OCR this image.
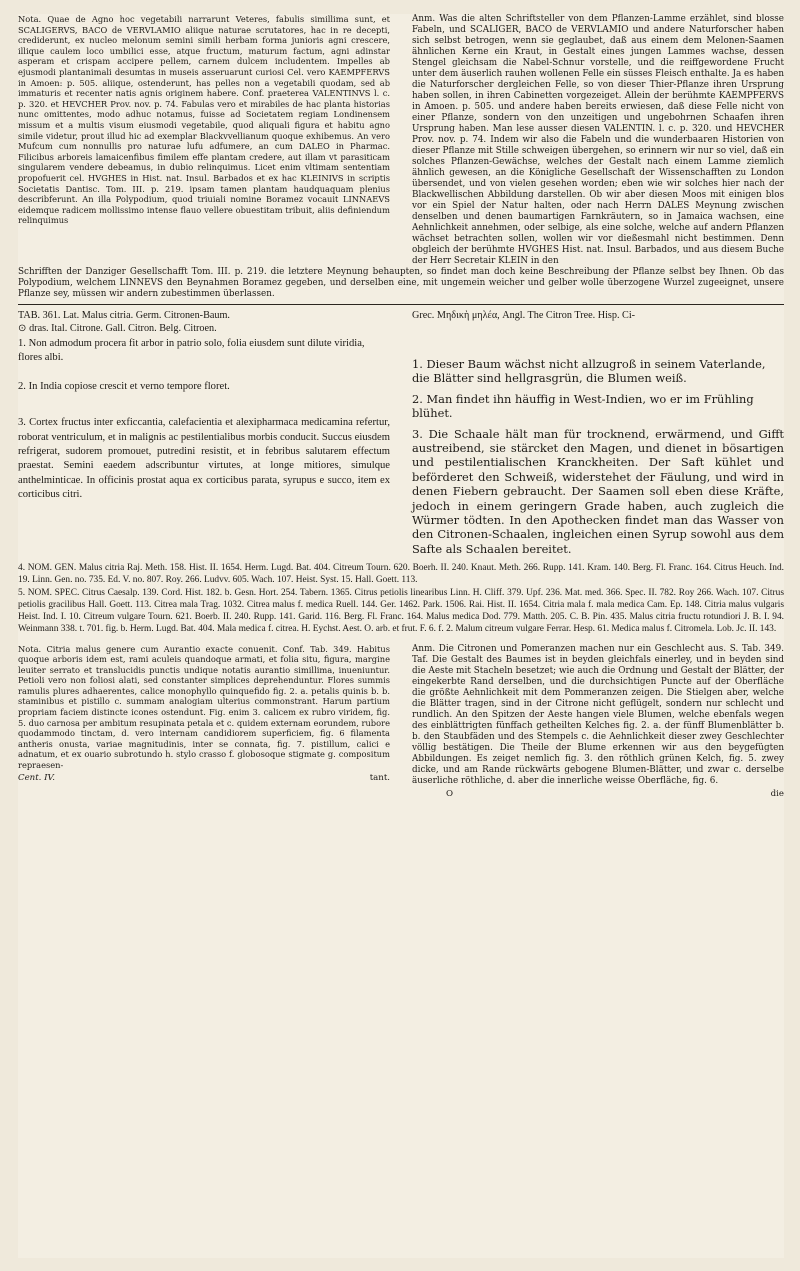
Nota. Quae de Agno hoc vegetabili narrarunt Veteres, fabulis simillima sunt, et SCALIGERVS, BACO de VERVLAMIO aliique naturae scrutatores, hac in re decepti, crediderunt, ex nucleo melonum semini simili herbam forma junioris agni crescere, illique caulem loco umbilici esse, atque fructum, maturum factum, agni adinstar asperam et crispam accipere pellem, carnem dulcem includentem. Impelles ab ejusmodi plantanimali desumtas in museis asseruarunt curiosi Cel. vero KAEMPFERVS in Amoen: p. 505. aliique, ostenderunt, has pelles non a vegetabili quodam, sed ab immaturis et recenter natis agnis originem habere. Conf. praeterea VALENTINVS l. c. p. 320. et HEVCHER Prov. nov. p. 74. Fabulas vero et mirabiles de hac planta historias nunc omittentes, modo adhuc notamus, fuisse ad Societatem regiam Londinensem missum et a multis visum eiusmodi vegetabile, quod aliquali figura et habitu agno simile videtur, prout illud hic ad exemplar Blackvvellianum quoque exhibemus. An vero Mufcum cum nonnullis pro naturae lufu adfumere, an cum DALEO in Pharmac. Filicibus arboreis lamaicenfibus fimilem effe plantam credere, aut illam vt parasiticam singularem vendere debeamus, in dubio relinquimus. Licet enim vltimam sententiam propofuerit cel. HVGHES in Hist. nat. Insul. Barbados et ex hac KLEINIVS in scriptis Societatis Dantisc. Tom. III. p. 219. ipsam tamen plantam haudquaquam plenius describferunt. An illa Polypodium, quod triuiali nomine Boramez vocauit LINNAEVS eidemque radicem mollissimo intense flauo vellere obuestitam tribuit, aliis definiendum relinquimus
Anm. Was die alten Schriftsteller von dem Pflanzen-Lamme erzählet, sind blosse Fabeln, und SCALIGER, BACO de VERVLAMIO und andere Naturforscher haben sich selbst betrogen, wenn sie geglaubet, daß aus einem dem Melonen-Saamen ähnlichen Kerne ein Kraut, in Gestalt eines jungen Lammes wachse, dessen Stengel gleichsam die Nabel-Schnur vorstelle, und die reiffgewordene Frucht unter dem äuserlich rauhen wollenen Felle ein süsses Fleisch enthalte. Ja es haben die Naturforscher dergleichen Felle, so von dieser Thier-Pflanze ihren Ursprung haben sollen, in ihren Cabinetten vorgezeiget. Allein der berühmte KAEMPFERVS in Amoen. p. 505. und andere haben bereits erwiesen, daß diese Felle nicht von einer Pflanze, sondern von den unzeitigen und ungebohrnen Schaafen ihren Ursprung haben. Man lese ausser diesen VALENTIN. l. c. p. 320. und HEVCHER Prov. nov. p. 74. Indem wir also die Fabeln und die wunderbaaren Historien von dieser Pflanze mit Stille schweigen übergehen, so erinnern wir nur so viel, daß ein solches Pflanzen-Gewächse, welches der Gestalt nach einem Lamme ziemlich ähnlich gewesen, an die Königliche Gesellschaft der Wissenschafften zu London übersendet, und von vielen gesehen worden; eben wie wir solches hier nach der Blackwellischen Abbildung darstellen. Ob wir aber diesen Moos mit einigen blos vor ein Spiel der Natur halten, oder nach Herrn DALES Meynung zwischen denselben und denen baumartigen Farnkräutern, so in Jamaica wachsen, eine Aehnlichkeit annehmen, oder selbige, als eine solche, welche auf andern Pflanzen wächset betrachten sollen, wollen wir vor dießesmahl nicht bestimmen. Denn obgleich der berühmte HVGHES Hist. nat. Insul. Barbados, und aus diesem Buche der Herr Secretair KLEIN in den

Schrifften der Danziger Gesellschafft Tom. III. p. 219. die letztere Meynung behaupten, so findet man doch keine Beschreibung der Pflanze selbst bey Ihnen. Ob das Polypodium, welchem LINNEVS den Beynahmen Boramez gegeben, und derselben eine, mit ungemein weicher und gelber wolle überzogene Wurzel zugeeignet, unsere Pflanze sey, müssen wir andern zubestimmen überlassen.

TAB. 361. Lat. Malus citria. Germ. Citronen-Baum.	Grec. Μηδικὴ μηλέα, Angl. The Citron Tree. Hisp. Ci-
⊙ dras. Ital. Citrone. Gall. Citron. Belg. Citroen.

1. Non admodum procera fit arbor in patrio solo, folia eiusdem sunt dilute viridia, flores albi.

2. In India copiose crescit et verno tempore floret.

3. Cortex fructus inter exficcantia, calefacientia et alexipharmaca medicamina refertur, roborat ventriculum, et in malignis ac pestilentialibus morbis conducit. Succus eiusdem refrigerat, sudorem promouet, putredini resistit, et in febribus salutarem effectum praestat. Semini eaedem adscribuntur virtutes, at longe mitiores, simulque anthelminticae. In officinis prostat aqua ex corticibus parata, syrupus e succo, item ex corticibus citri.

1. Dieser Baum wächst nicht allzugroß in seinem Vaterlande, die Blätter sind hellgrasgrün, die Blumen weiß.

2. Man findet ihn häuffig in West-Indien, wo er im Frühling blühet.

3. Die Schaale hält man für trocknend, erwärmend, und Gifft austreibend, sie stärcket den Magen, und dienet in bösartigen und pestilentialischen Kranckheiten. Der Saft kühlet und beförderet den Schweiß, widerstehet der Fäulung, und wird in denen Fiebern gebraucht. Der Saamen soll eben diese Kräfte, jedoch in einem geringern Grade haben, auch zugleich die Würmer tödten. In den Apothecken findet man das Wasser von den Citronen-Schaalen, ingleichen einen Syrup sowohl aus dem Safte als Schaalen bereitet.

4. NOM. GEN. Malus citria Raj. Meth. 158. Hist. II. 1654. Herm. Lugd. Bat. 404. Citreum Tourn. 620. Boerh. II. 240. Knaut. Meth. 266. Rupp. 141. Kram. 140. Berg. Fl. Franc. 164. Citrus Heuch. Ind. 19. Linn. Gen. no. 735. Ed. V. no. 807. Roy. 266. Ludvv. 605. Wach. 107. Heist. Syst. 15. Hall. Goett. 113.

5. NOM. SPEC. Citrus Caesalp. 139. Cord. Hist. 182. b. Gesn. Hort. 254. Tabern. 1365. Citrus petiolis linearibus Linn. H. Cliff. 379. Upf. 236. Mat. med. 366. Spec. II. 782. Roy 266. Wach. 107. Citrus petiolis gracilibus Hall. Goett. 113. Citrea mala Trag. 1032. Citrea malus f. medica Ruell. 144. Ger. 1462. Park. 1506. Rai. Hist. II. 1654. Citria mala f. mala medica Cam. Ep. 148. Citria malus vulgaris Heist. Ind. I. 10. Citreum vulgare Tourn. 621. Boerb. II. 240. Rupp. 141. Garid. 116. Berg. Fl. Franc. 164. Malus medica Dod. 779. Matth. 205. C. B. Pin. 435. Malus citria fructu rotundiori J. B. I. 94. Weinmann 338. t. 701. fig. b. Herm. Lugd. Bat. 404. Mala medica f. citrea. H. Eychst. Aest. O. arb. et frut. F. 6. f. 2. Malum citreum vulgare Ferrar. Hesp. 61. Medica malus f. Citromela. Lob. Jc. II. 143.

Nota. Citria malus genere cum Aurantio exacte conuenit. Conf. Tab. 349. Habitus quoque arboris idem est, rami aculeis quandoque armati, et folia situ, figura, margine leuiter serrato et translucidis punctis undique notatis aurantio simillima, inueniuntur. Petioli vero non foliosi alati, sed constanter simplices deprehenduntur. Flores summis ramulis plures adhaerentes, calice monophyllo quinquefido fig. 2. a. petalis quinis b. b. staminibus et pistillo c. summam analogiam ulterius commonstrant. Harum partium propriam faciem distincte icones ostendunt. Fig. enim 3. calicem ex rubro viridem, fig. 5. duo carnosa per ambitum resupinata petala et c. quidem externam eorundem, rubore quodammodo tinctam, d. vero internam candidiorem superficiem, fig. 6 filamenta antheris onusta, variae magnitudinis, inter se connata, fig. 7. pistillum, calici e adnatum, et ex ouario subrotundo h. stylo crasso f. globosoque stigmate g. compositum repraesen-

Cent. IV.	tant.

Anm. Die Citronen und Pomeranzen machen nur ein Geschlecht aus. S. Tab. 349. Taf. Die Gestalt des Baumes ist in beyden gleichfals einerley, und in beyden sind die Aeste mit Stacheln besetzet; wie auch die Ordnung und Gestalt der Blätter, der eingekerbte Rand derselben, und die durchsichtigen Puncte auf der Oberfläche die größte Aehnlichkeit mit dem Pommeranzen zeigen. Die Stielgen aber, welche die Blätter tragen, sind in der Citrone nicht geflügelt, sondern nur schlecht und rundlich. An den Spitzen der Aeste hangen viele Blumen, welche ebenfals wegen des einblättrigten fünffach getheilten Kelches fig. 2. a. der fünff Blumenblätter b. b. den Staubfäden und des Stempels c. die Aehnlichkeit dieser zwey Geschlechter völlig bestätigen. Die Theile der Blume erkennen wir aus den beygefügten Abbildungen. Es zeiget nemlich fig. 3. den röthlich grünen Kelch, fig. 5. zwey dicke, und am Rande rückwärts gebogene Blumen-Blätter, und zwar c. derselbe äuserliche röthliche, d. aber die innerliche weisse Oberfläche, fig. 6.

O	die
